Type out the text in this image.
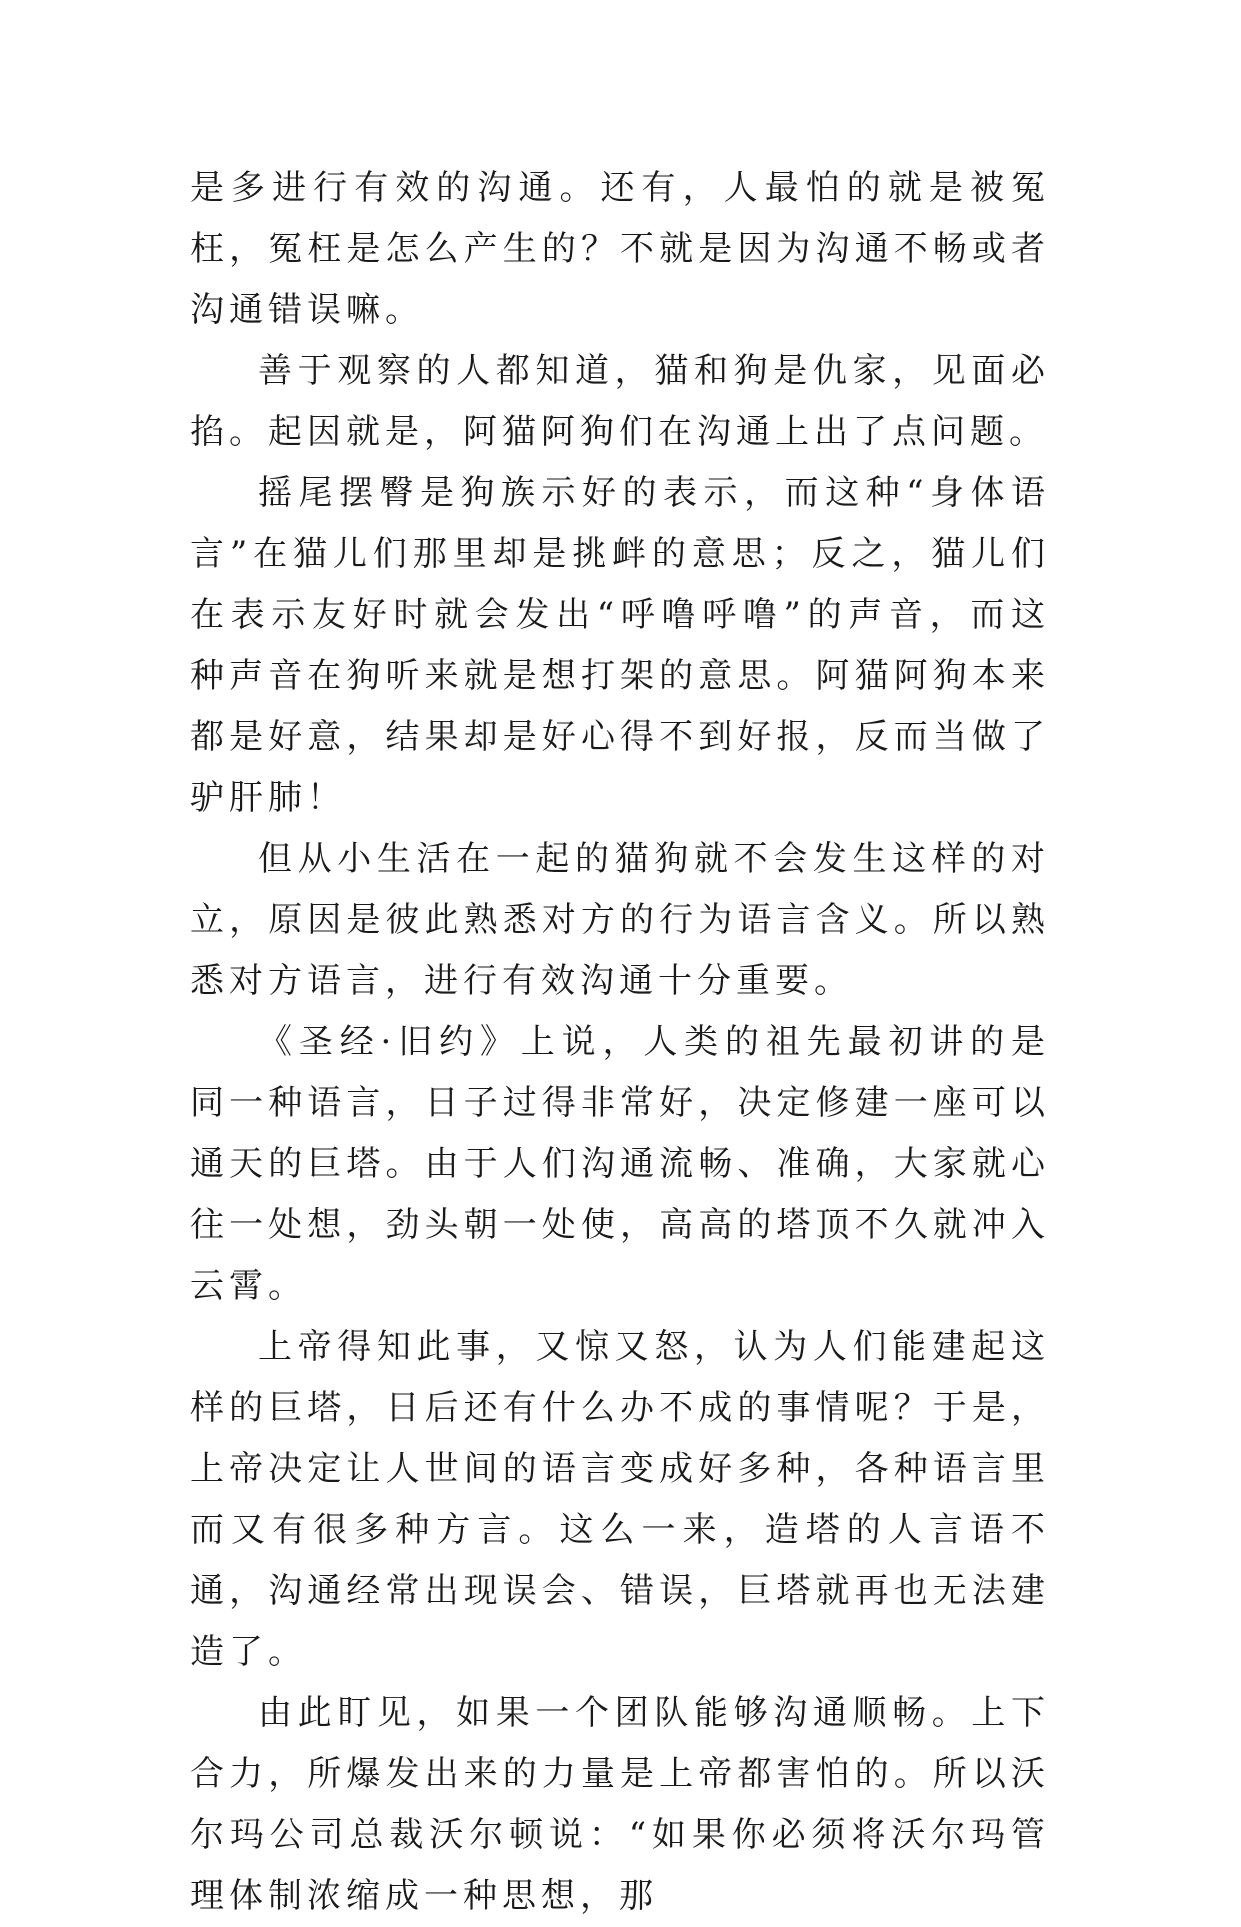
是多进行有效的沟通。还有，人最怕的就是被冤枉，冤枉是怎么产生的？不就是因为沟通不畅或者沟通错误嘛。

善于观察的人都知道，猫和狗是仇家，见面必掐。起因就是，阿猫阿狗们在沟通上出了点问题。

摇尾摆臀是狗族示好的表示，而这种“身体语言”在猫儿们那里却是挑衅的意思；反之，猫儿们在表示友好时就会发出“呼噜呼噜”的声音，而这种声音在狗听来就是想打架的意思。阿猫阿狗本来都是好意，结果却是好心得不到好报，反而当做了驴肝肺！

但从小生活在一起的猫狗就不会发生这样的对立，原因是彼此熟悉对方的行为语言含义。所以熟悉对方语言，进行有效沟通十分重要。

《圣经·旧约》上说，人类的祖先最初讲的是同一种语言，日子过得非常好，决定修建一座可以通天的巨塔。由于人们沟通流畅、准确，大家就心往一处想，劲头朝一处使，高高的塔顶不久就冲入云霄。

上帝得知此事，又惊又怒，认为人们能建起这样的巨塔，日后还有什么办不成的事情呢？于是，上帝决定让人世间的语言变成好多种，各种语言里而又有很多种方言。这么一来，造塔的人言语不通，沟通经常出现误会、错误，巨塔就再也无法建造了。

由此盯见，如果一个团队能够沟通顺畅。上下合力，所爆发出来的力量是上帝都害怕的。所以沃尔玛公司总裁沃尔顿说：“如果你必须将沃尔玛管理体制浓缩成一种思想，那
